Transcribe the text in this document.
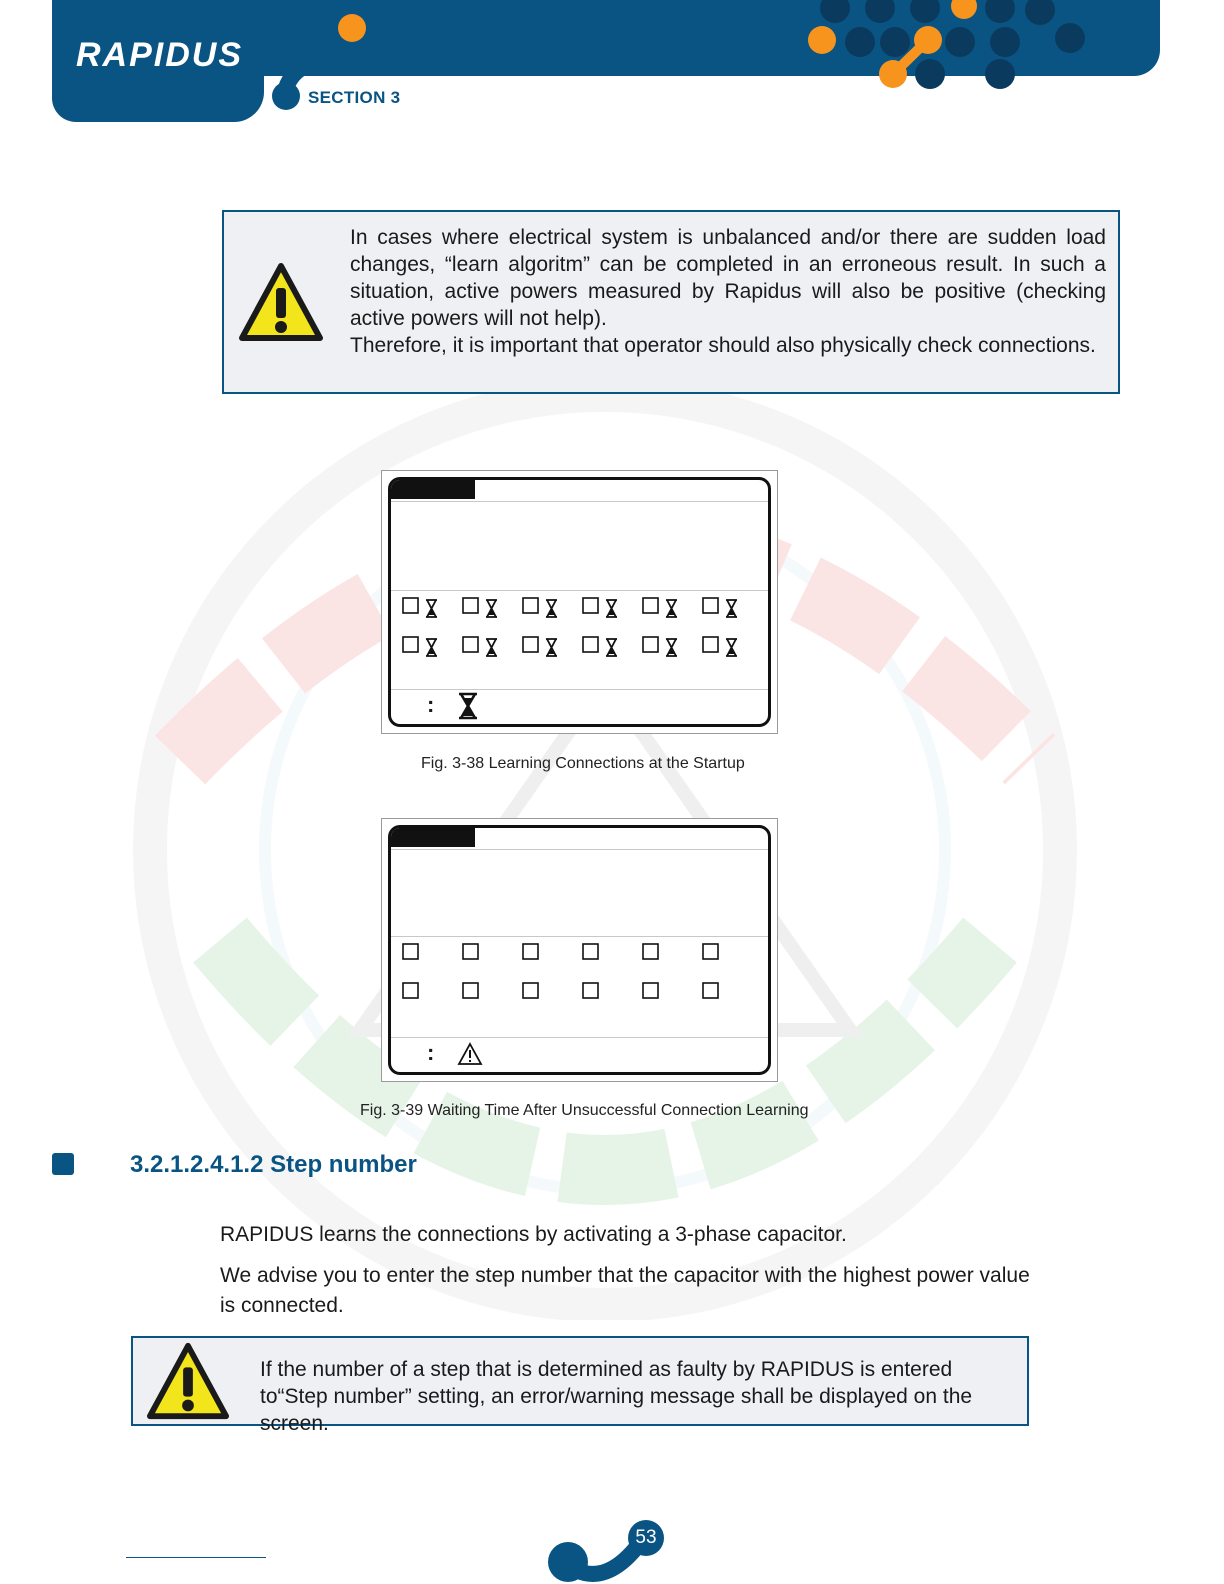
RAPIDUS
SECTION 3

In cases where electrical system is unbalanced and/or there are sudden load changes, “learn algoritm” can be completed in an erroneous result. In such a situation, active powers measured by Rapidus will also be positive (checking active powers will not help).

Therefore, it is important that operator should also physically check connections.

:
Fig. 3-38 Learning Connections at the Startup
:
Fig. 3-39 Waiting Time After Unsuccessful Connection Learning
3.2.1.2.4.1.2 Step number
RAPIDUS learns the connections by activating a 3-phase capacitor.
We advise you to enter the step number that the capacitor with the highest power value is connected.
If the number of a step that is determined as faulty by RAPIDUS is entered to“Step number” setting, an error/warning message shall be displayed on the screen.
53
